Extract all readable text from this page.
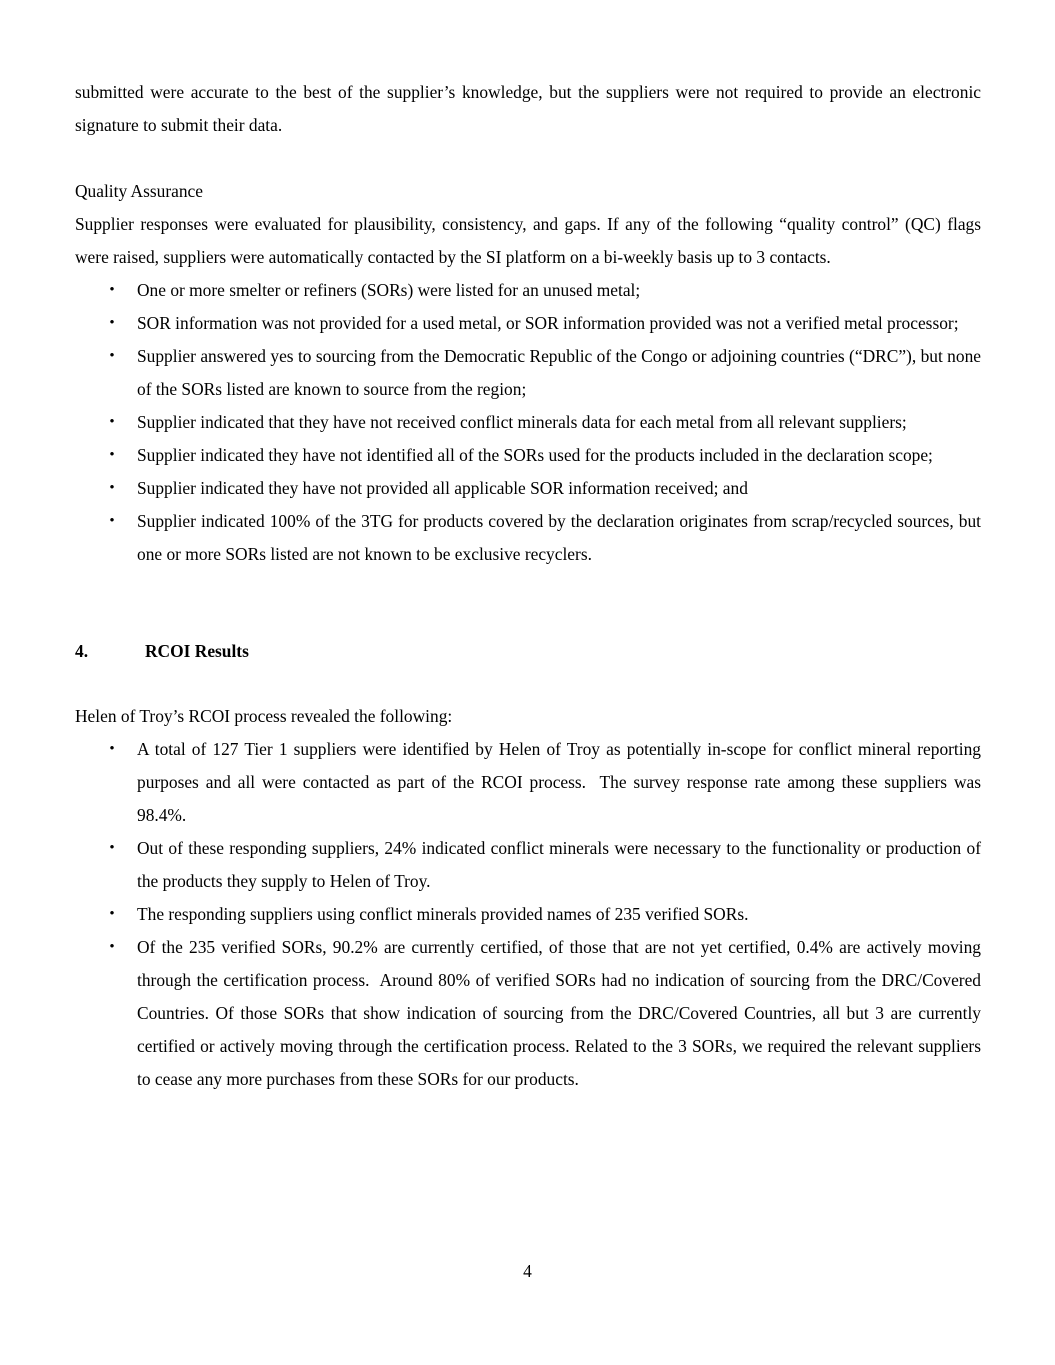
submitted were accurate to the best of the supplier’s knowledge, but the suppliers were not required to provide an electronic signature to submit their data.

Quality Assurance

Supplier responses were evaluated for plausibility, consistency, and gaps. If any of the following “quality control” (QC) flags were raised, suppliers were automatically contacted by the SI platform on a bi-weekly basis up to 3 contacts.

• One or more smelter or refiners (SORs) were listed for an unused metal;
• SOR information was not provided for a used metal, or SOR information provided was not a verified metal processor;
• Supplier answered yes to sourcing from the Democratic Republic of the Congo or adjoining countries (“DRC”), but none of the SORs listed are known to source from the region;
• Supplier indicated that they have not received conflict minerals data for each metal from all relevant suppliers;
• Supplier indicated they have not identified all of the SORs used for the products included in the declaration scope;
• Supplier indicated they have not provided all applicable SOR information received; and
• Supplier indicated 100% of the 3TG for products covered by the declaration originates from scrap/recycled sources, but one or more SORs listed are not known to be exclusive recyclers.
4.	RCOI Results

Helen of Troy’s RCOI process revealed the following:

• A total of 127 Tier 1 suppliers were identified by Helen of Troy as potentially in-scope for conflict mineral reporting purposes and all were contacted as part of the RCOI process.  The survey response rate among these suppliers was 98.4%.
• Out of these responding suppliers, 24% indicated conflict minerals were necessary to the functionality or production of the products they supply to Helen of Troy.
• The responding suppliers using conflict minerals provided names of 235 verified SORs.
• Of the 235 verified SORs, 90.2% are currently certified, of those that are not yet certified, 0.4% are actively moving through the certification process.  Around 80% of verified SORs had no indication of sourcing from the DRC/Covered Countries. Of those SORs that show indication of sourcing from the DRC/Covered Countries, all but 3 are currently certified or actively moving through the certification process. Related to the 3 SORs, we required the relevant suppliers to cease any more purchases from these SORs for our products.
4
